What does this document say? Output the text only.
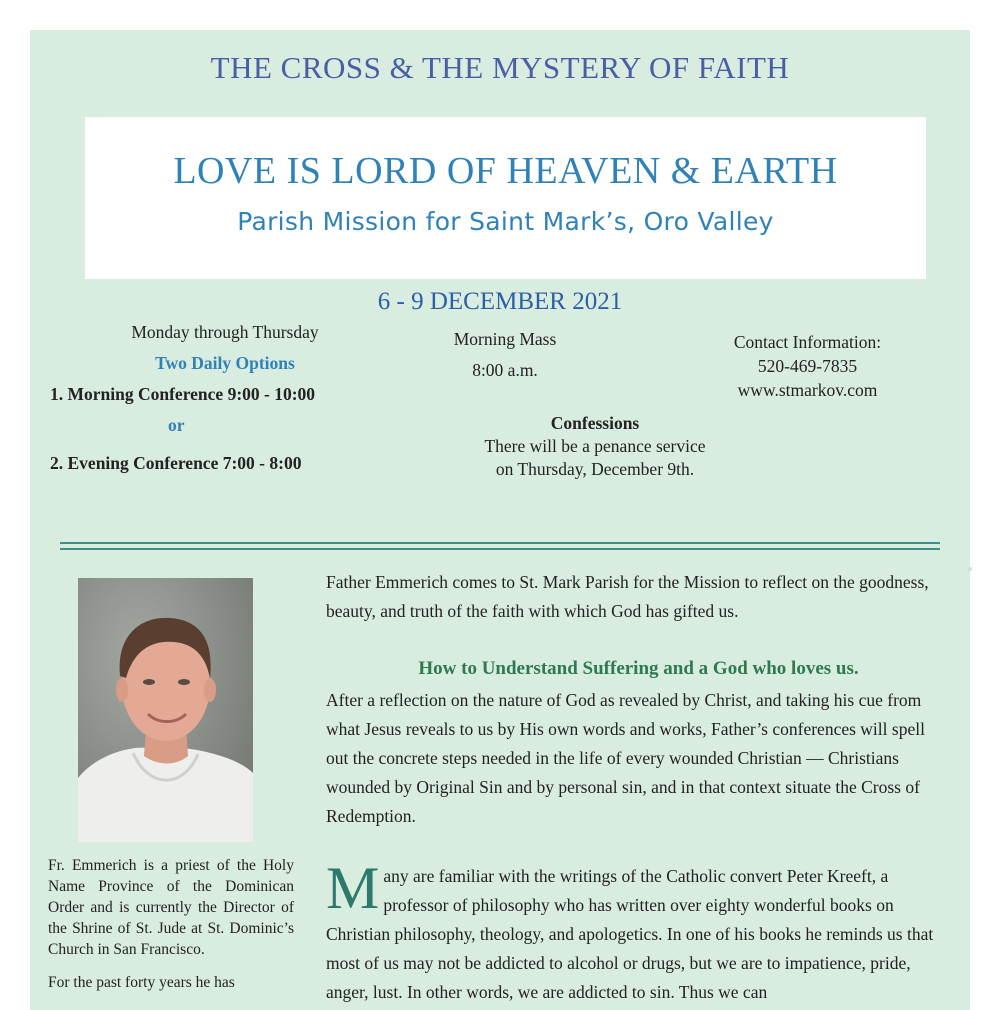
THE CROSS & THE MYSTERY OF FAITH
LOVE IS LORD OF HEAVEN & EARTH
Parish Mission for Saint Mark’s, Oro Valley
6 - 9 DECEMBER 2021
Monday through Thursday
Two Daily Options
1. Morning Conference 9:00 - 10:00
or
2. Evening Conference 7:00 - 8:00
Morning Mass
8:00 a.m.
Confessions
There will be a penance service
on Thursday, December 9th.
Contact Information:
520-469-7835
www.stmarkov.com
Fr. Emmerich is a priest of the Holy Name Province of the Dominican Order and is currently the Director of the Shrine of St. Jude at St. Dominic’s Church in San Francisco.
For the past forty years he has
Father Emmerich comes to St. Mark Parish for the Mission to reflect on the goodness, beauty, and truth of the faith with which God has gifted us.
How to Understand Suffering and a God who loves us.
After a reflection on the nature of God as revealed by Christ, and taking his cue from what Jesus reveals to us by His own words and works, Father’s conferences will spell out the concrete steps needed in the life of every wounded Christian — Christians wounded by Original Sin and by personal sin, and in that context situate the Cross of Redemption.
Many are familiar with the writings of the Catholic convert Peter Kreeft, a professor of philosophy who has written over eighty wonderful books on Christian philosophy, theology, and apologetics. In one of his books he reminds us that most of us may not be addicted to alcohol or drugs, but we are to impatience, pride, anger, lust. In other words, we are addicted to sin. Thus we can
